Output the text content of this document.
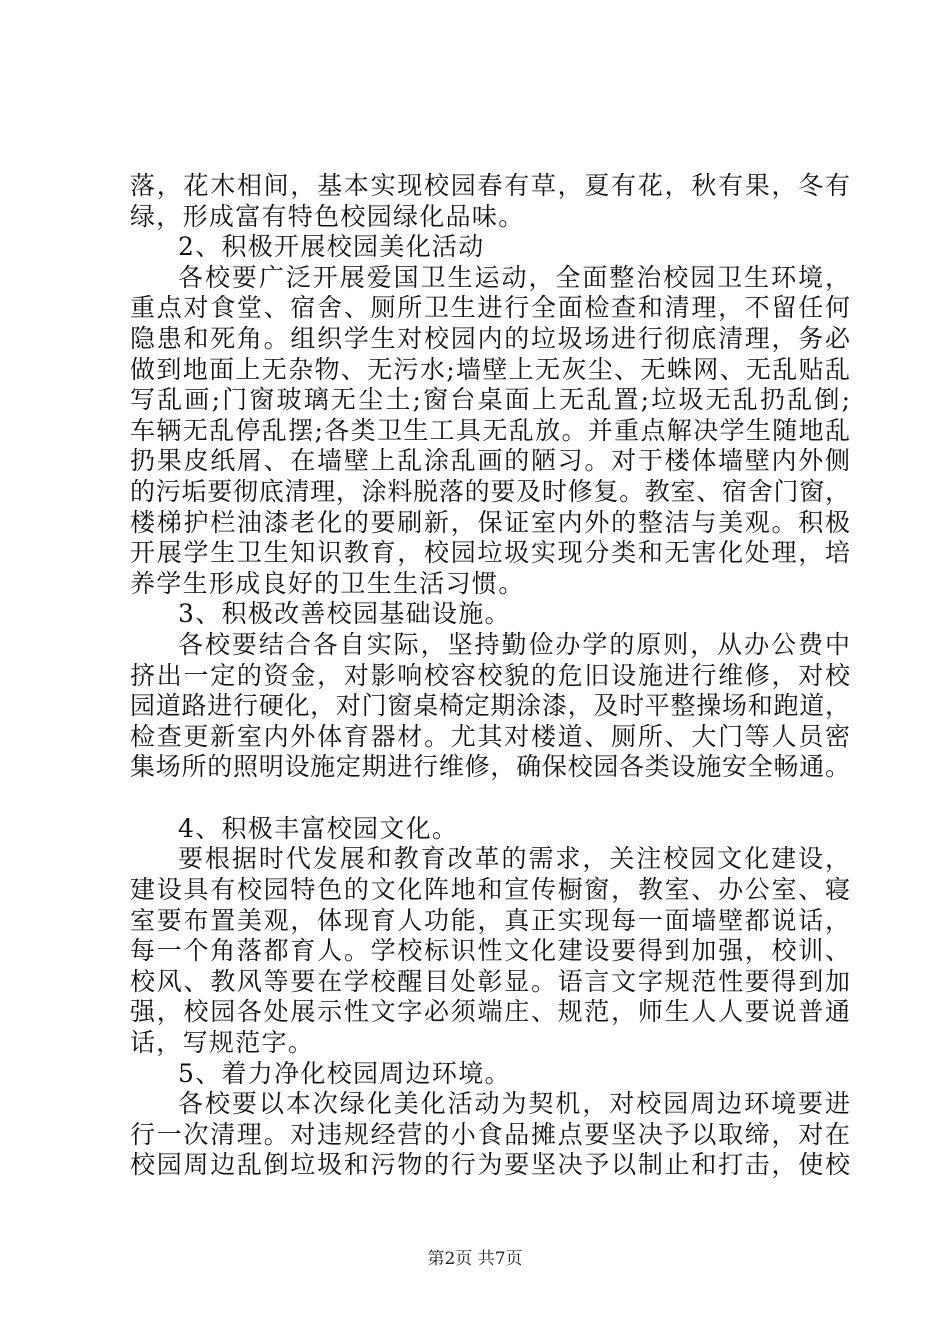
落，花木相间，基本实现校园春有草，夏有花，秋有果，冬有
绿，形成富有特色校园绿化品味。
2、积极开展校园美化活动
各校要广泛开展爱国卫生运动，全面整治校园卫生环境，
重点对食堂、宿舍、厕所卫生进行全面检查和清理，不留任何
隐患和死角。组织学生对校园内的垃圾场进行彻底清理，务必
做到地面上无杂物、无污水;墙壁上无灰尘、无蛛网、无乱贴乱
写乱画;门窗玻璃无尘土;窗台桌面上无乱置;垃圾无乱扔乱倒;
车辆无乱停乱摆;各类卫生工具无乱放。并重点解决学生随地乱
扔果皮纸屑、在墙壁上乱涂乱画的陋习。对于楼体墙壁内外侧
的污垢要彻底清理，涂料脱落的要及时修复。教室、宿舍门窗，
楼梯护栏油漆老化的要刷新，保证室内外的整洁与美观。积极
开展学生卫生知识教育，校园垃圾实现分类和无害化处理，培
养学生形成良好的卫生生活习惯。
3、积极改善校园基础设施。
各校要结合各自实际，坚持勤俭办学的原则，从办公费中
挤出一定的资金，对影响校容校貌的危旧设施进行维修，对校
园道路进行硬化，对门窗桌椅定期涂漆，及时平整操场和跑道，
检查更新室内外体育器材。尤其对楼道、厕所、大门等人员密
集场所的照明设施定期进行维修，确保校园各类设施安全畅通。
4、积极丰富校园文化。
要根据时代发展和教育改革的需求，关注校园文化建设，
建设具有校园特色的文化阵地和宣传橱窗，教室、办公室、寝
室要布置美观，体现育人功能，真正实现每一面墙壁都说话，
每一个角落都育人。学校标识性文化建设要得到加强，校训、
校风、教风等要在学校醒目处彰显。语言文字规范性要得到加
强，校园各处展示性文字必须端庄、规范，师生人人要说普通
话，写规范字。
5、着力净化校园周边环境。
各校要以本次绿化美化活动为契机，对校园周边环境要进
行一次清理。对违规经营的小食品摊点要坚决予以取缔，对在
校园周边乱倒垃圾和污物的行为要坚决予以制止和打击，使校
第2页 共7页
